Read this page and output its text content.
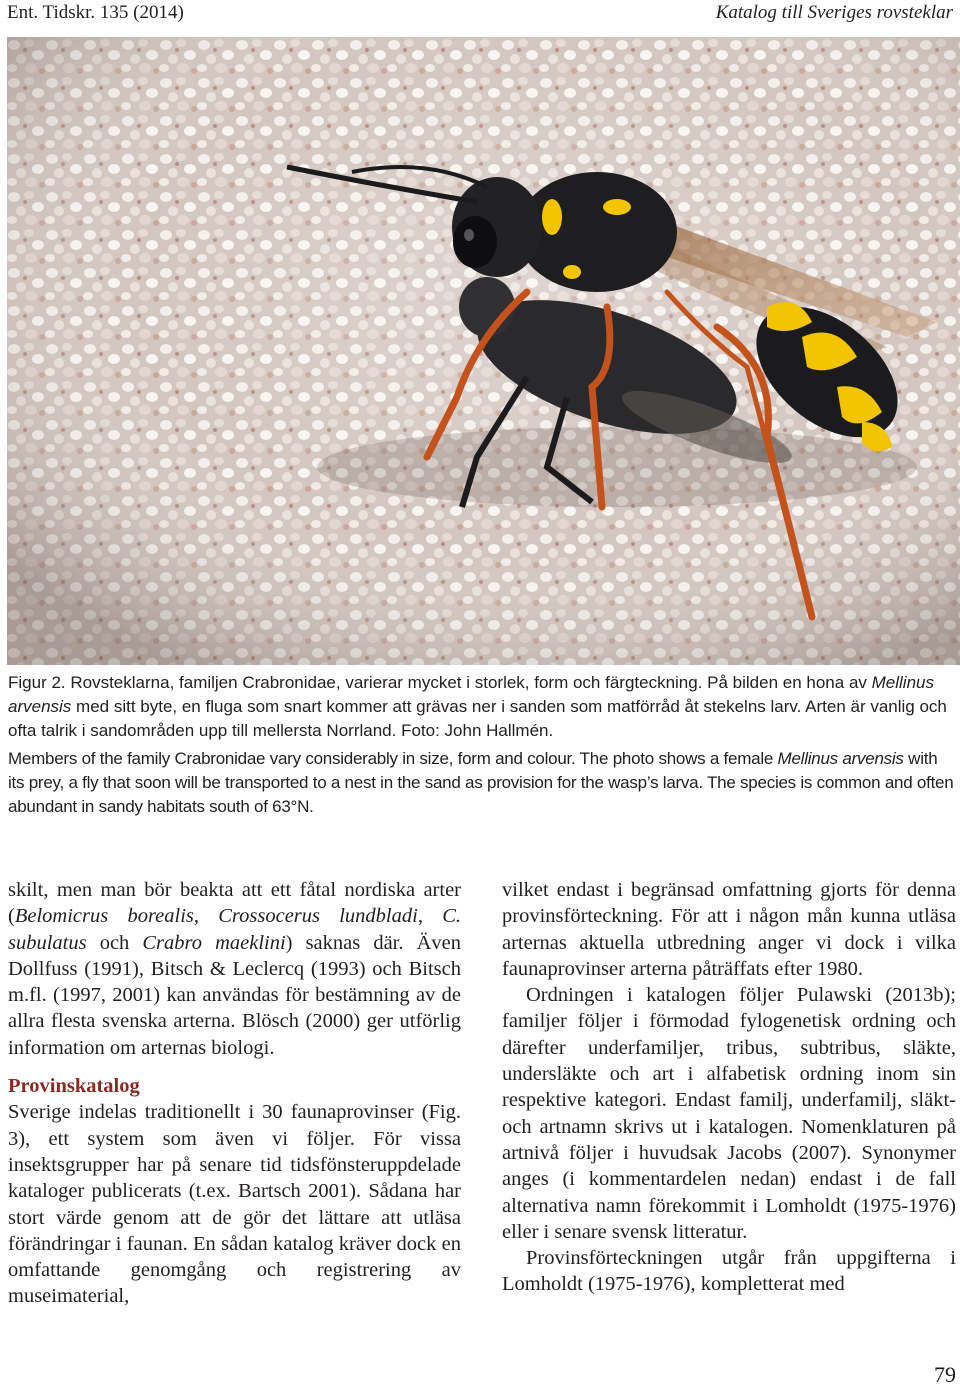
Ent. Tidskr. 135 (2014)	Katalog till Sveriges rovsteklar
Figur 2. Rovsteklarna, familjen Crabronidae, varierar mycket i storlek, form och färgteckning. På bilden en hona av Mellinus arvensis med sitt byte, en fluga som snart kommer att grävas ner i sanden som matförråd åt stekelns larv. Arten är vanlig och ofta talrik i sandområden upp till mellersta Norrland. Foto: John Hallmén.
Members of the family Crabronidae vary considerably in size, form and colour. The photo shows a female Mellinus arvensis with its prey, a fly that soon will be transported to a nest in the sand as provision for the wasp’s larva. The species is common and often abundant in sandy habitats south of 63°N.

skilt, men man bör beakta att ett fåtal nordiska arter (Belomicrus borealis, Crossocerus lundbladi, C. subulatus och Crabro maeklini) saknas där. Även Dollfuss (1991), Bitsch & Leclercq (1993) och Bitsch m.fl. (1997, 2001) kan användas för bestämning av de allra flesta svenska arterna. Blösch (2000) ger utförlig information om arternas biologi.

Provinskatalog

Sverige indelas traditionellt i 30 faunaprovinser (Fig. 3), ett system som även vi följer. För vissa insektsgrupper har på senare tid tidsfönsteruppdelade kataloger publicerats (t.ex. Bartsch 2001). Sådana har stort värde genom att de gör det lättare att utläsa förändringar i faunan. En sådan katalog kräver dock en omfattande genomgång och registrering av museimaterial,

vilket endast i begränsad omfattning gjorts för denna provinsförteckning. För att i någon mån kunna utläsa arternas aktuella utbredning anger vi dock i vilka faunaprovinser arterna påträffats efter 1980.

Ordningen i katalogen följer Pulawski (2013b); familjer följer i förmodad fylogenetisk ordning och därefter underfamiljer, tribus, subtribus, släkte, undersläkte och art i alfabetisk ordning inom sin respektive kategori. Endast familj, underfamilj, släkt- och artnamn skrivs ut i katalogen. Nomenklaturen på artnivå följer i huvudsak Jacobs (2007). Synonymer anges (i kommentardelen nedan) endast i de fall alternativa namn förekommit i Lomholdt (1975-1976) eller i senare svensk litteratur.

Provinsförteckningen utgår från uppgifterna i Lomholdt (1975-1976), kompletterat med

79
